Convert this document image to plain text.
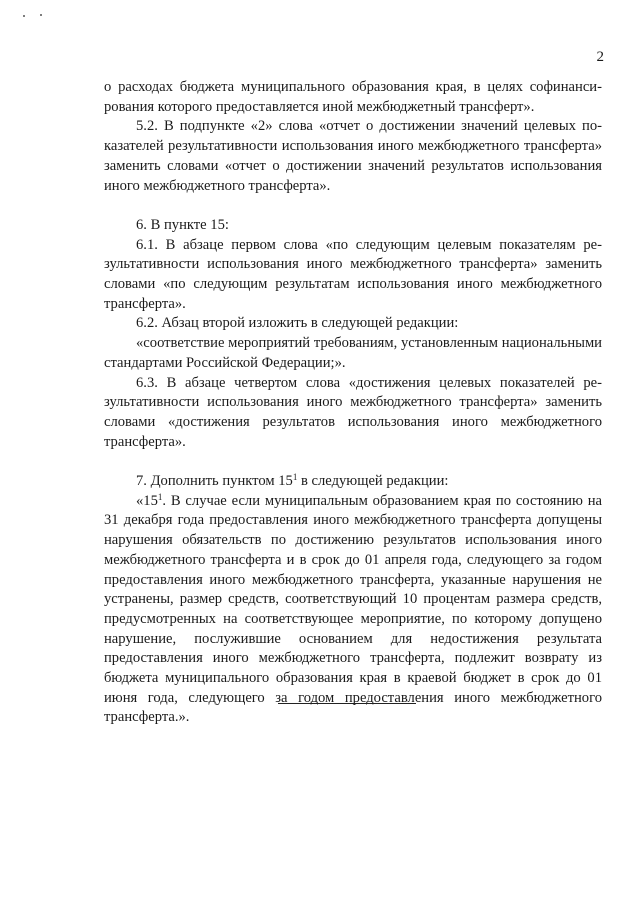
2

о расходах бюджета муниципального образования края, в целях софинансирования которого предоставляется иной межбюджетный трансферт».

5.2. В подпункте «2» слова «отчет о достижении значений целевых показателей результативности использования иного межбюджетного трансферта» заменить словами «отчет о достижении значений результатов использования иного межбюджетного трансферта».

6. В пункте 15:

6.1. В абзаце первом слова «по следующим целевым показателям результативности использования иного межбюджетного трансферта» заменить словами «по следующим результатам использования иного межбюджетного трансферта».

6.2. Абзац второй изложить в следующей редакции:

«соответствие мероприятий требованиям, установленным национальными стандартами Российской Федерации;».

6.3. В абзаце четвертом слова «достижения целевых показателей результативности использования иного межбюджетного трансферта» заменить словами «достижения результатов использования иного межбюджетного трансферта».

7. Дополнить пунктом $15^1$ в следующей редакции:

«$15^1$. В случае если муниципальным образованием края по состоянию на 31 декабря года предоставления иного межбюджетного трансферта допущены нарушения обязательств по достижению результатов использования иного межбюджетного трансферта и в срок до 01 апреля года, следующего за годом предоставления иного межбюджетного трансферта, указанные нарушения не устранены, размер средств, соответствующий 10 процентам размера средств, предусмотренных на соответствующее мероприятие, по которому допущено нарушение, послужившие основанием для недостижения результата предоставления иного межбюджетного трансферта, подлежит возврату из бюджета муниципального образования края в краевой бюджет в срок до 01 июня года, следующего за годом предоставления иного межбюджетного трансферта.».
